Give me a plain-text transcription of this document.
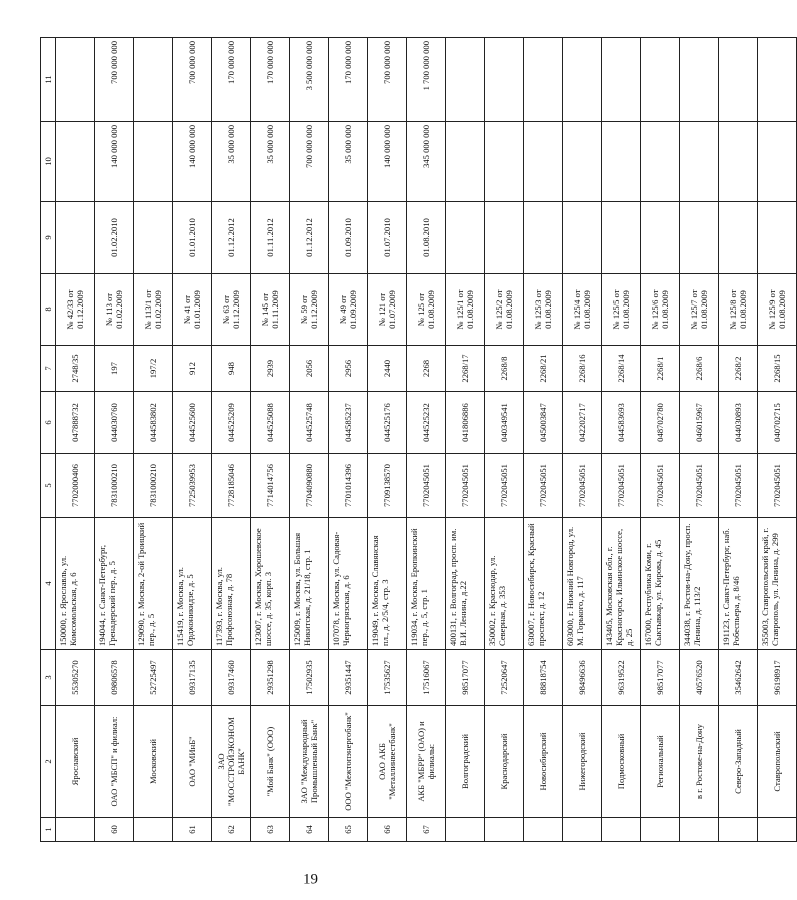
19
1	2	3	4	5	6	7	8	9	10	11
	Ярославский	55305270	150000, г. Ярославль, ул. Комсомольская, д. 6	7702000406	047888732	2748/35	№ 42/33 от 01.12.2009			
60	ОАО "МБСП" и филиал:	09806578	194044, г. Санкт-Петербург, Гренадерский пер., д. 5	7831000210	044030760	197	№ 113 от 01.02.2009	01.02.2010	140 000 000	700 000 000
	Московский	52725497	129090, г. Москва, 2-ой Троицкий пер., д. 5	7831000210	044583802	197/2	№ 113/1 от 01.02.2009			
61	ОАО "МИнБ"	09317135	115419, г. Москва, ул. Орджоникидзе, д. 5	7725039953	044525600	912	№ 41 от 01.01.2009	01.01.2010	140 000 000	700 000 000
62	ЗАО "МОССТРОЙЭКОНОМ БАНК"	09317460	117393, г. Москва, ул. Профсоюзная, д. 78	7728185046	044525209	948	№ 63 от 01.12.2009	01.12.2012	35 000 000	170 000 000
63	"Мой Банк" (ООО)	29351298	123007, г. Москва, Хорошевское шоссе, д. 35, корп. 3	7714014756	044525088	2939	№ 145 от 01.11.2009	01.11.2012	35 000 000	170 000 000
64	ЗАО "Международный Промышленный Банк"	17502935	125009, г. Москва, ул. Большая Никитская, д. 21/18, стр. 1	7704090880	044525748	2056	№ 59 от 01.12.2009	01.12.2012	700 000 000	3 500 000 000
65	ООО "Межтопэнергобанк"	29351447	107078, г. Москва, ул. Садовая-Черногрязская, д. 6	7701014396	044585237	2956	№ 49 от 01.09.2009	01.09.2010	35 000 000	170 000 000
66	ОАО АКБ "Металлинвестбанк"	17535627	119049, г. Москва, Славянская пл., д. 2/5/4, стр. 3	7709138570	044525176	2440	№ 121 от 01.07.2009	01.07.2010	140 000 000	700 000 000
67	АКБ "МБРР" (ОАО) и филиалы:	17516067	119034, г. Москва, Еропкинский пер., д. 5, стр. 1	7702045051	044525232	2268	№ 125 от 01.08.2009	01.08.2010	345 000 000	1 700 000 000
	Волгоградский	98517077	400131, г. Волгоград, просп. им. В.И. Ленина, д.22	7702045051	041806886	2268/17	№ 125/1 от 01.08.2009			
	Краснодарский	72520647	350002, г. Краснодар, ул. Северная, д. 353	7702045051	040349541	2268/8	№ 125/2 от 01.08.2009			
	Новосибирский	88818754	630007, г. Новосибирск, Красный проспект, д. 12	7702045051	045003847	2268/21	№ 125/3 от 01.08.2009			
	Нижегородский	98496636	603000, г. Нижний Новгород, ул. М. Горького, д. 117	7702045051	042202717	2268/16	№ 125/4 от 01.08.2009			
	Подмосковный	96319522	143405, Московская обл., г. Красногорск, Ильинское шоссе, д. 25	7702045051	044583693	2268/14	№ 125/5 от 01.08.2009			
	Региональный	98517077	167000, Республика Коми, г. Сыктывкар, ул. Кирова, д. 45	7702045051	048702780	2268/1	№ 125/6 от 01.08.2009			
	в г. Ростове-на-Дону	40576520	344038, г. Ростов-на-Дону, просп. Ленина, д. 113/2	7702045051	046015967	2268/6	№ 125/7 от 01.08.2009			
	Северо-Западный	35462642	191123, г. Санкт-Петербург, наб. Робеспьера, д. 8/46	7702045051	044030893	2268/2	№ 125/8 от 01.08.2009			
	Ставропольский	96198917	355003, Ставропольский край, г. Ставрополь, ул. Ленина, д. 299	7702045051	040702715	2268/15	№ 125/9 от 01.08.2009			
